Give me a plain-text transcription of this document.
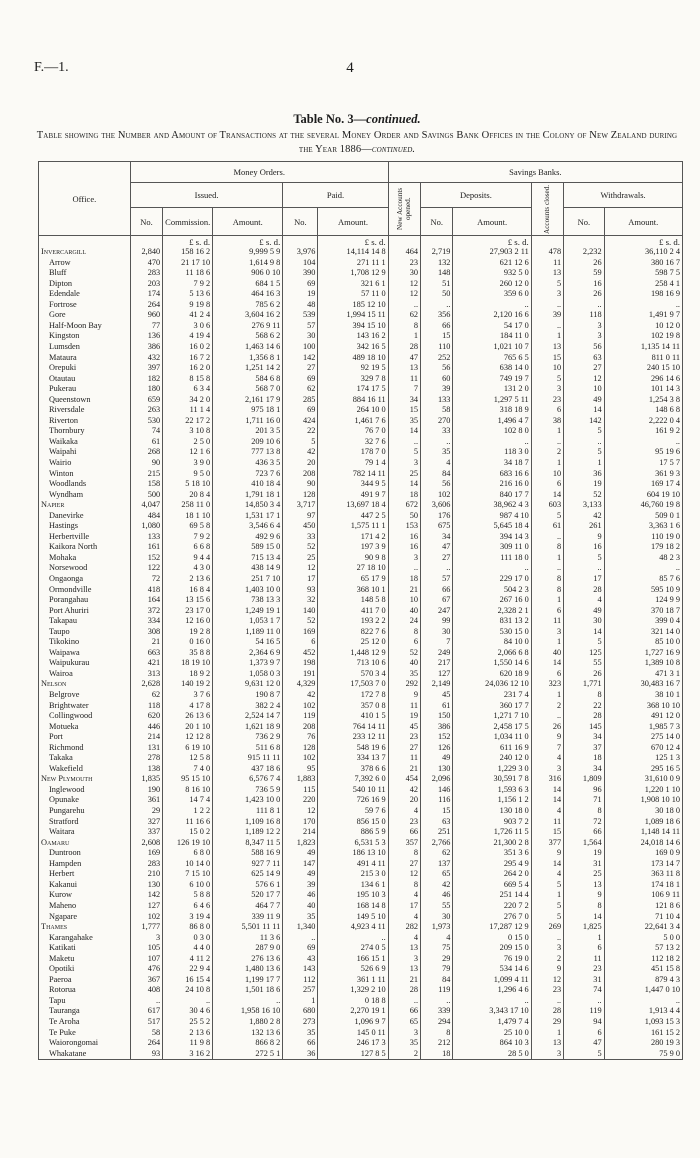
F.—1.	4
Table No. 3—continued.
Table showing the Number and Amount of Transactions at the several Money Order and Savings Bank Offices in the Colony of New Zealand during the Year 1886—continued.
Office.	Money Orders.					Savings Banks.					
	Issued.			Paid.		New Accounts opened.	Deposits.		Accounts closed.	Withdrawals.	
	No.	Commission.	Amount.	No.	Amount.		No.	Amount.		No.	Amount.
		£ s. d.	£ s. d.		£ s. d.			£ s. d.			£ s. d.
Invercargill	2,840	158 16 2	9,999 5 9	3,976	14,114 14 8	464	2,719	27,903 2 11	478	2,232	36,110 2 4
Arrow	470	21 17 10	1,614 9 8	104	271 11 1	23	132	621 12 6	11	26	380 16 7
Bluff	283	11 18 6	906 0 10	390	1,708 12 9	30	148	932 5 0	13	59	598 7 5
Dipton	203	7 9 2	684 1 5	69	321 6 1	12	51	260 12 0	5	16	258 4 1
Edendale	174	5 13 6	464 16 3	19	57 11 0	12	50	359 6 0	3	26	198 16 9
Fortrose	264	9 19 8	785 6 2	48	185 12 10	..	..	..	..	..	..
Gore	960	41 2 4	3,604 16 2	539	1,994 15 11	62	356	2,120 16 6	39	118	1,491 9 7
Half-Moon Bay	77	3 0 6	276 9 11	57	394 15 10	8	66	54 17 0	..	3	10 12 0
Kingston	136	4 19 4	568 6 2	30	143 16 2	1	15	184 11 0	1	3	102 19 8
Lumsden	386	16 0 2	1,463 14 6	100	342 16 5	28	110	1,021 10 7	13	56	1,135 14 11
Mataura	432	16 7 2	1,356 8 1	142	489 18 10	47	252	765 6 5	15	63	811 0 11
Orepuki	397	16 2 0	1,251 14 2	27	92 19 5	13	56	638 14 0	10	27	240 15 10
Otautau	182	8 15 8	584 6 8	69	329 7 8	11	60	749 19 7	5	12	296 14 6
Pukerau	180	6 3 4	568 7 0	62	174 17 5	7	39	131 2 0	3	10	101 14 3
Queenstown	659	34 2 0	2,161 17 9	285	884 16 11	34	133	1,297 5 11	23	49	1,254 3 8
Riversdale	263	11 1 4	975 18 1	69	264 10 0	15	58	318 18 9	6	14	148 6 8
Riverton	530	22 17 2	1,711 16 0	424	1,461 7 6	35	270	1,496 4 7	38	142	2,222 0 4
Thornbury	74	3 10 8	201 3 5	22	76 7 0	14	33	102 8 0	1	5	161 9 2
Waikaka	61	2 5 0	209 10 6	5	32 7 6	..	..	..	..	..	..
Waipahi	268	12 1 6	777 13 8	42	178 7 0	5	35	118 3 0	2	5	95 19 6
Wairio	90	3 9 0	436 3 5	20	79 1 4	3	4	34 18 7	1	1	17 5 7
Winton	215	9 5 0	723 7 6	208	782 14 11	25	84	683 16 6	10	36	361 9 3
Woodlands	158	5 18 10	410 18 4	90	344 9 5	14	56	216 16 0	6	19	169 17 4
Wyndham	500	20 8 4	1,791 18 1	128	491 9 7	18	102	840 17 7	14	52	604 19 10
Napier	4,047	258 11 0	14,850 3 4	3,717	13,697 18 4	672	3,606	38,962 4 3	603	3,133	46,760 19 8
Danevirke	484	18 1 10	1,531 17 1	97	447 2 5	50	176	987 4 10	5	42	509 0 1
Hastings	1,080	69 5 8	3,546 6 4	450	1,575 11 1	153	675	5,645 18 4	61	261	3,363 1 6
Herbertville	133	7 9 2	492 9 6	33	171 4 2	16	34	394 14 3	..	9	110 19 0
Kaikora North	161	6 6 8	589 15 0	52	197 3 9	16	47	309 11 0	8	16	179 18 2
Mohaka	152	9 4 4	715 13 4	25	90 9 8	3	27	111 18 0	1	5	48 2 3
Norsewood	122	4 3 0	438 14 9	12	27 18 10	..	..	..	..	..	..
Ongaonga	72	2 13 6	251 7 10	17	65 17 9	18	57	229 17 0	8	17	85 7 6
Ormondville	418	16 8 4	1,403 10 0	93	368 10 1	21	66	504 2 3	8	28	595 10 9
Porangahau	164	13 15 6	738 13 3	32	148 5 8	10	67	267 16 0	1	4	124 9 9
Port Ahuriri	372	23 17 0	1,249 19 1	140	411 7 0	40	247	2,328 2 1	6	49	370 18 7
Takapau	334	12 16 0	1,053 1 7	52	193 2 2	24	99	831 13 2	11	30	399 0 4
Taupo	308	19 2 8	1,189 11 0	169	822 7 6	8	30	530 15 0	3	14	321 14 0
Tikokino	21	0 16 0	54 16 5	6	25 12 0	6	7	84 10 0	1	5	85 10 0
Waipawa	663	35 8 8	2,364 6 9	452	1,448 12 9	52	249	2,066 6 8	40	125	1,727 16 9
Waipukurau	421	18 19 10	1,373 9 7	198	713 10 6	40	217	1,550 14 6	14	55	1,389 10 8
Wairoa	313	18 9 2	1,058 0 3	191	570 3 4	35	127	620 18 9	6	26	471 3 1
Nelson	2,628	140 19 2	9,631 12 0	4,329	17,503 7 0	292	2,149	24,036 12 10	323	1,771	30,483 16 7
Belgrove	62	3 7 6	190 8 7	42	172 7 8	9	45	231 7 4	1	8	38 10 1
Brightwater	118	4 17 8	382 2 4	102	357 0 8	11	61	360 17 7	2	22	368 10 10
Collingwood	620	26 13 6	2,524 14 7	119	410 1 5	19	150	1,271 7 10	..	28	491 12 0
Motueka	446	20 1 10	1,621 18 9	208	764 14 11	45	386	2,458 17 5	26	145	1,985 7 3
Port	214	12 12 8	736 2 9	76	233 12 11	23	152	1,034 11 0	9	34	275 14 0
Richmond	131	6 19 10	511 6 8	128	548 19 6	27	126	611 16 9	7	37	670 12 4
Takaka	278	12 5 8	915 11 11	102	334 13 7	11	49	240 12 0	4	18	125 1 3
Wakefield	138	7 4 0	437 18 6	95	378 6 6	21	130	1,229 3 0	3	34	295 16 5
New Plymouth	1,835	95 15 10	6,576 7 4	1,883	7,392 6 0	454	2,096	30,591 7 8	316	1,809	31,610 0 9
Inglewood	190	8 16 10	736 5 9	115	540 10 11	42	146	1,593 6 3	14	96	1,220 1 10
Opunake	361	14 7 4	1,423 10 0	220	726 16 9	20	116	1,156 1 2	14	71	1,908 10 10
Pungarehu	29	1 2 2	111 8 1	12	59 7 6	4	15	130 18 0	4	8	30 18 0
Stratford	327	11 16 6	1,109 16 8	170	856 15 0	23	63	903 7 2	11	72	1,089 18 6
Waitara	337	15 0 2	1,189 12 2	214	886 5 9	66	251	1,726 11 5	15	66	1,148 14 11
Oamaru	2,608	126 19 10	8,347 11 5	1,823	6,531 5 3	357	2,766	21,300 2 8	377	1,564	24,018 14 6
Duntroon	169	6 8 0	588 16 9	49	186 13 10	8	62	351 3 6	9	19	169 0 9
Hampden	283	10 14 0	927 7 11	147	491 4 11	27	137	295 4 9	14	31	173 14 7
Herbert	210	7 15 10	625 14 9	49	215 3 0	12	65	264 2 0	4	25	363 11 8
Kakanui	130	6 10 0	576 6 1	39	134 6 1	8	42	669 5 4	5	13	174 18 1
Kurow	142	5 8 8	520 17 7	46	195 10 3	4	46	251 14 4	1	9	106 9 11
Maheno	127	6 4 6	464 7 7	40	168 14 8	17	55	220 7 2	5	8	121 8 6
Ngapare	102	3 19 4	339 11 9	35	149 5 10	4	30	276 7 0	5	14	71 10 4
Thames	1,777	86 8 0	5,501 11 11	1,340	4,923 4 11	282	1,973	17,287 12 9	269	1,825	22,641 3 4
Karangahake	3	0 3 0	11 3 6	..	..	4	4	0 15 0	..	1	5 0 0
Katikati	105	4 4 0	287 9 0	69	274 0 5	13	75	209 15 0	3	6	57 13 2
Maketu	107	4 11 2	276 13 6	43	166 15 1	3	29	76 19 0	2	11	112 18 2
Opotiki	476	22 9 4	1,480 13 6	143	526 6 9	13	79	534 14 6	9	23	451 15 8
Paeroa	367	16 15 4	1,199 17 7	112	361 1 11	21	84	1,099 4 11	12	31	879 4 3
Rotorua	408	24 10 8	1,501 18 6	257	1,329 2 10	28	119	1,296 4 6	23	74	1,447 0 10
Tapu	..	..	..	1	0 18 8	..	..	..	..	..	..
Tauranga	617	30 4 6	1,958 16 10	680	2,270 19 1	66	339	3,343 17 10	28	119	1,913 4 4
Te Aroha	517	25 5 2	1,880 2 8	273	1,096 9 7	65	294	1,479 7 4	29	94	1,093 15 3
Te Puke	58	2 13 6	132 13 6	35	145 0 11	3	8	25 10 0	1	6	161 15 2
Waiorongomai	264	11 9 8	866 8 2	66	246 17 3	35	212	864 10 3	13	47	280 19 3
Whakatane	93	3 16 2	272 5 1	36	127 8 5	2	18	28 5 0	3	5	75 9 0
